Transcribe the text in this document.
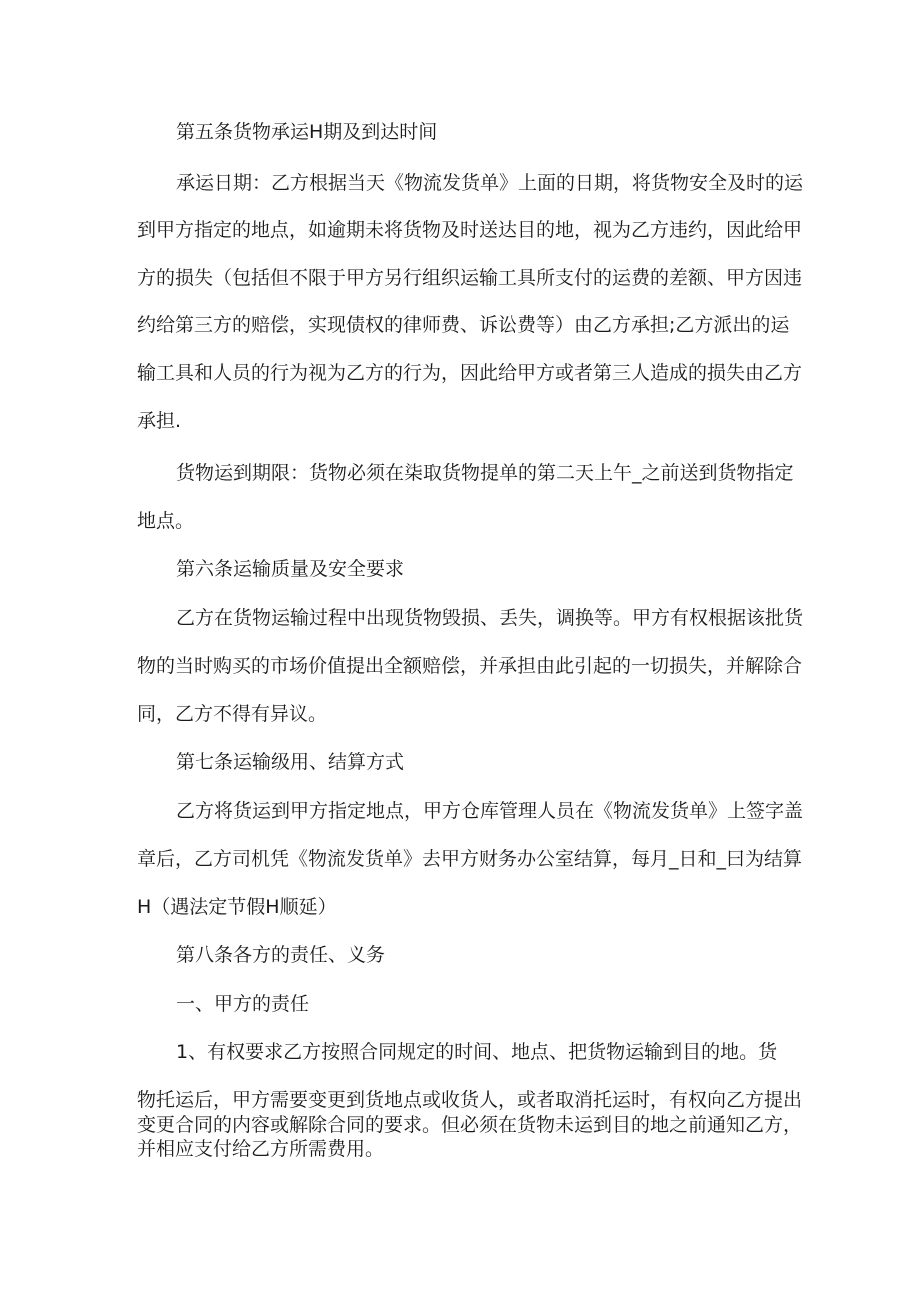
第五条货物承运H期及到达时间
承运日期：乙方根据当天《物流发货单》上面的日期，将货物安全及时的运
到甲方指定的地点，如逾期未将货物及时送达目的地，视为乙方违约，因此给甲
方的损失（包括但不限于甲方另行组织运输工具所支付的运费的差额、甲方因违
约给第三方的赔偿，实现债权的律师费、诉讼费等）由乙方承担;乙方派出的运
输工具和人员的行为视为乙方的行为，因此给甲方或者第三人造成的损失由乙方
承担.
货物运到期限：货物必须在柒取货物提单的第二天上午_之前送到货物指定
地点。
第六条运输质量及安全要求
乙方在货物运输过程中出现货物毁损、丢失，调换等。甲方有权根据该批货
物的当时购买的市场价值提出全额赔偿，并承担由此引起的一切损失，并解除合
同，乙方不得有异议。
第七条运输级用、结算方式
乙方将货运到甲方指定地点，甲方仓库管理人员在《物流发货单》上签字盖
章后，乙方司机凭《物流发货单》去甲方财务办公室结算，每月_日和_曰为结算
H（遇法定节假H顺延）
第八条各方的责任、义务
一、甲方的责任
1、有权要求乙方按照合同规定的时间、地点、把货物运输到目的地。货
物托运后，甲方需要变更到货地点或收货人，或者取消托运时，有权向乙方提出
变更合同的内容或解除合同的要求。但必须在货物未运到目的地之前通知乙方，
并相应支付给乙方所需费用。
